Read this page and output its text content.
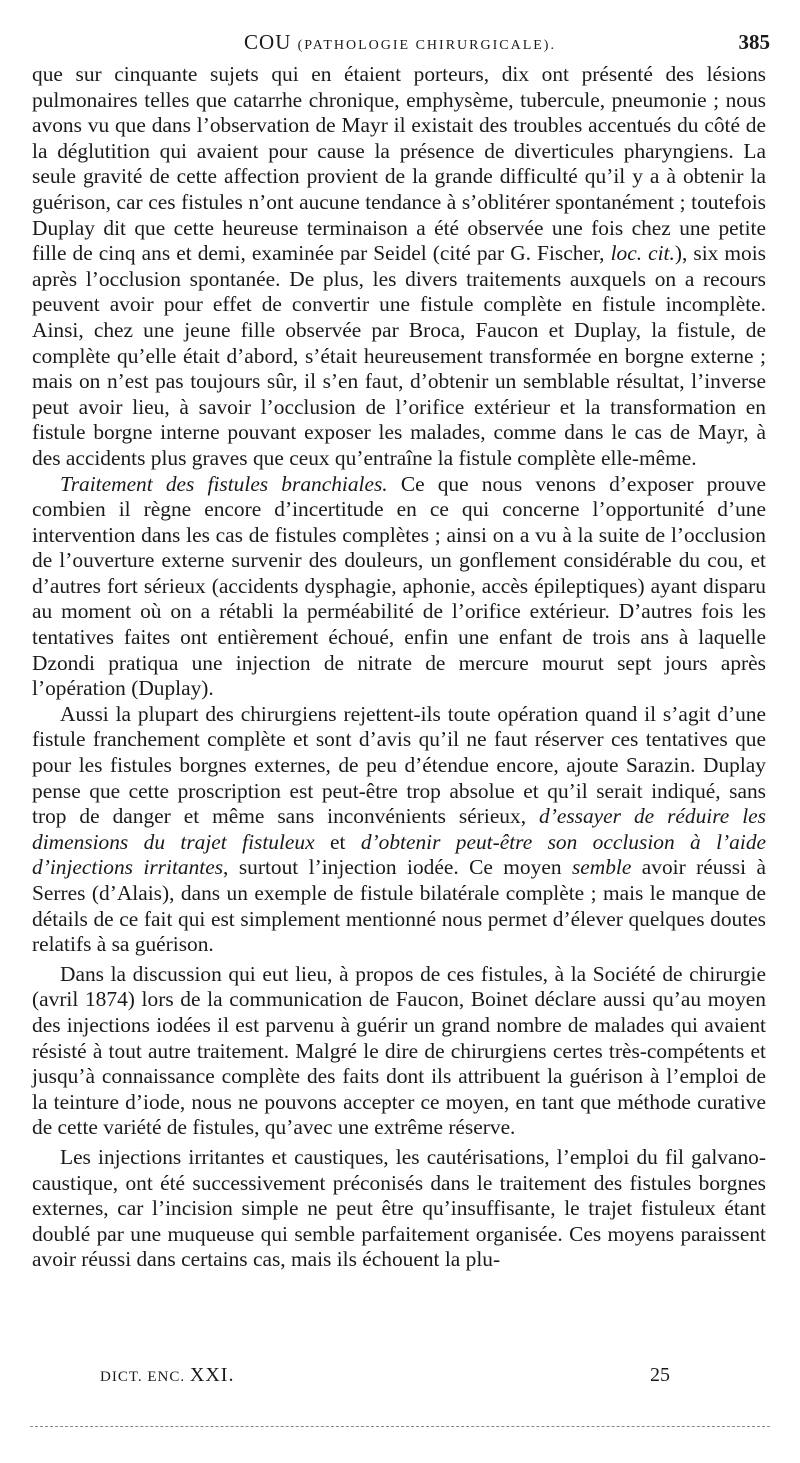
COU (PATHOLOGIE CHIRURGICALE).	385

que sur cinquante sujets qui en étaient porteurs, dix ont présenté des lésions pulmonaires telles que catarrhe chronique, emphysème, tubercule, pneumonie ; nous avons vu que dans l’observation de Mayr il existait des troubles accentués du côté de la déglutition qui avaient pour cause la présence de diverticules pharyngiens. La seule gravité de cette affection provient de la grande difficulté qu’il y a à obtenir la guérison, car ces fistules n’ont aucune tendance à s’oblitérer spontanément ; toutefois Duplay dit que cette heureuse terminaison a été observée une fois chez une petite fille de cinq ans et demi, examinée par Seidel (cité par G. Fischer, loc. cit.), six mois après l’occlusion spontanée. De plus, les divers traitements auxquels on a recours peuvent avoir pour effet de convertir une fistule complète en fistule incomplète. Ainsi, chez une jeune fille observée par Broca, Faucon et Duplay, la fistule, de complète qu’elle était d’abord, s’était heureusement transformée en borgne externe ; mais on n’est pas toujours sûr, il s’en faut, d’obtenir un semblable résultat, l’inverse peut avoir lieu, à savoir l’occlusion de l’orifice extérieur et la transformation en fistule borgne interne pouvant exposer les malades, comme dans le cas de Mayr, à des accidents plus graves que ceux qu’entraîne la fistule complète elle-même.

Traitement des fistules branchiales. Ce que nous venons d’exposer prouve combien il règne encore d’incertitude en ce qui concerne l’opportunité d’une intervention dans les cas de fistules complètes ; ainsi on a vu à la suite de l’occlusion de l’ouverture externe survenir des douleurs, un gonflement considérable du cou, et d’autres fort sérieux (accidents dysphagie, aphonie, accès épileptiques) ayant disparu au moment où on a rétabli la perméabilité de l’orifice extérieur. D’autres fois les tentatives faites ont entièrement échoué, enfin une enfant de trois ans à laquelle Dzondi pratiqua une injection de nitrate de mercure mourut sept jours après l’opération (Duplay).

Aussi la plupart des chirurgiens rejettent-ils toute opération quand il s’agit d’une fistule franchement complète et sont d’avis qu’il ne faut réserver ces tentatives que pour les fistules borgnes externes, de peu d’étendue encore, ajoute Sarazin. Duplay pense que cette proscription est peut-être trop absolue et qu’il serait indiqué, sans trop de danger et même sans inconvénients sérieux, d’essayer de réduire les dimensions du trajet fistuleux et d’obtenir peut-être son occlusion à l’aide d’injections irritantes, surtout l’injection iodée. Ce moyen semble avoir réussi à Serres (d’Alais), dans un exemple de fistule bilatérale complète ; mais le manque de détails de ce fait qui est simplement mentionné nous permet d’élever quelques doutes relatifs à sa guérison.

Dans la discussion qui eut lieu, à propos de ces fistules, à la Société de chirurgie (avril 1874) lors de la communication de Faucon, Boinet déclare aussi qu’au moyen des injections iodées il est parvenu à guérir un grand nombre de malades qui avaient résisté à tout autre traitement. Malgré le dire de chirurgiens certes très-compétents et jusqu’à connaissance complète des faits dont ils attribuent la guérison à l’emploi de la teinture d’iode, nous ne pouvons accepter ce moyen, en tant que méthode curative de cette variété de fistules, qu’avec une extrême réserve.

Les injections irritantes et caustiques, les cautérisations, l’emploi du fil galvano-caustique, ont été successivement préconisés dans le traitement des fistules borgnes externes, car l’incision simple ne peut être qu’insuffisante, le trajet fistuleux étant doublé par une muqueuse qui semble parfaitement organisée. Ces moyens paraissent avoir réussi dans certains cas, mais ils échouent la plu-

DICT. ENC. XXI.	25
